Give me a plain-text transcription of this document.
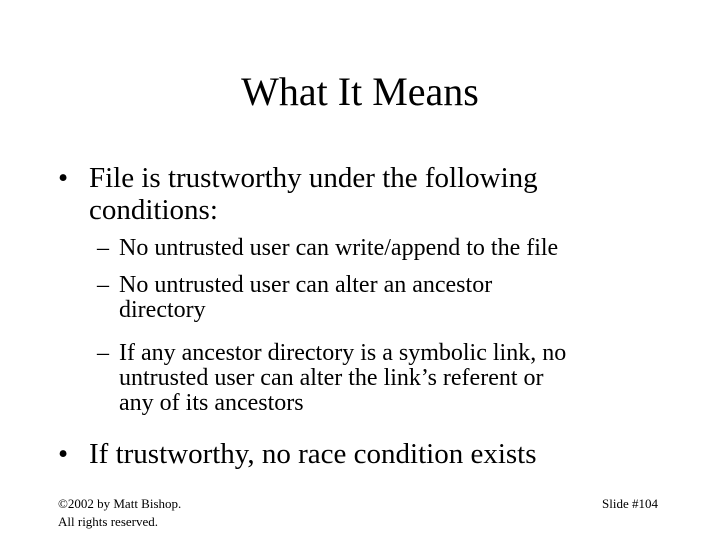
What It Means
• File is trustworthy under the following
conditions:
– No untrusted user can write/append to the file
– No untrusted user can alter an ancestor
directory
– If any ancestor directory is a symbolic link, no
untrusted user can alter the link’s referent or
any of its ancestors
• If trustworthy, no race condition exists
©2002 by Matt Bishop.
All rights reserved.
Slide #104
